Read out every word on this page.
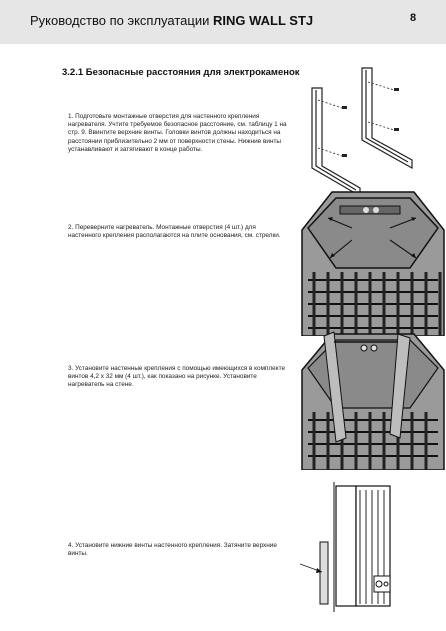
Руководство по эксплуатации RING WALL STJ	8
3.2.1 Безопасные расстояния для электрокаменок
1. Подготовьте монтажные отверстия для настенного крепления нагревателя. Учтите требуемое безопасное расстояние, см. таблицу 1 на стр. 9. Ввинтите верхние винты. Головки винтов должны находиться на расстоянии приблизительно 2 мм от поверхности стены. Нижние винты устанавливают и затягивают в конце работы.
2. Переверните нагреватель. Монтажные отверстия (4 шт.) для настенного крепления располагаются на плите основания, см. стрелки.
3. Установите настенные крепления с помощью имеющихся в комплекте винтов 4,2 x 32 мм (4 шт.), как показано на рисунке. Установите нагреватель на стене.
4. Установите нижние винты настенного крепления. Затяните верхние винты.
